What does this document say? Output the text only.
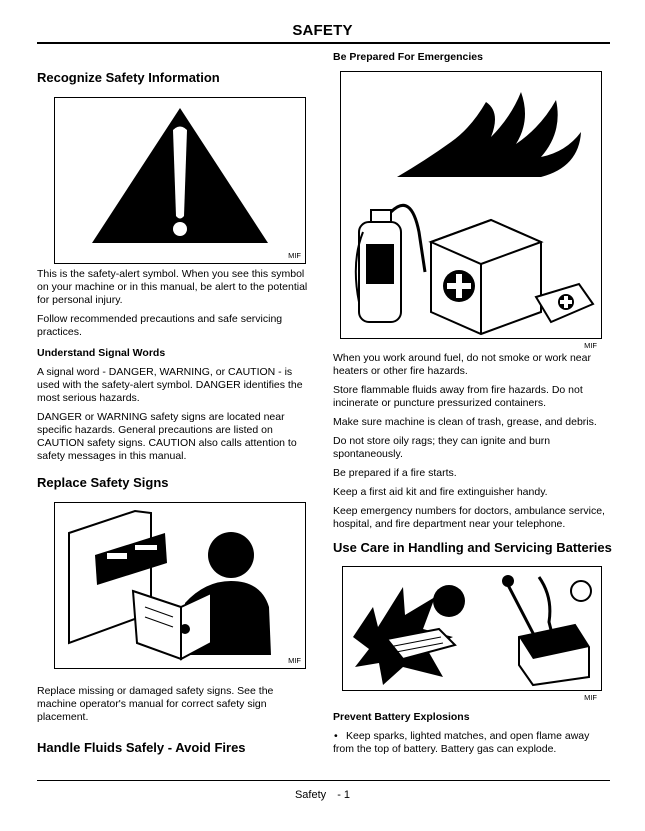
SAFETY
Recognize Safety Information
MIF

This is the safety-alert symbol. When you see this symbol on your machine or in this manual, be alert to the potential for personal injury.

Follow recommended precautions and safe servicing practices.

Understand Signal Words

A signal word - DANGER, WARNING, or CAUTION - is used with the safety-alert symbol. DANGER identifies the most serious hazards.

DANGER or WARNING safety signs are located near specific hazards. General precautions are listed on CAUTION safety signs. CAUTION also calls attention to safety messages in this manual.

Replace Safety Signs
MIF

Replace missing or damaged safety signs. See the machine operator's manual for correct safety sign placement.

Handle Fluids Safely - Avoid Fires
Be Prepared For Emergencies
MIF

When you work around fuel, do not smoke or work near heaters or other fire hazards.

Store flammable fluids away from fire hazards. Do not incinerate or puncture pressurized containers.

Make sure machine is clean of trash, grease, and debris.

Do not store oily rags; they can ignite and burn spontaneously.

Be prepared if a fire starts.

Keep a first aid kit and fire extinguisher handy.

Keep emergency numbers for doctors, ambulance service, hospital, and fire department near your telephone.

Use Care in Handling and Servicing Batteries
MIF
Prevent Battery Explosions

• Keep sparks, lighted matches, and open flame away from the top of battery. Battery gas can explode.

Safety - 1
